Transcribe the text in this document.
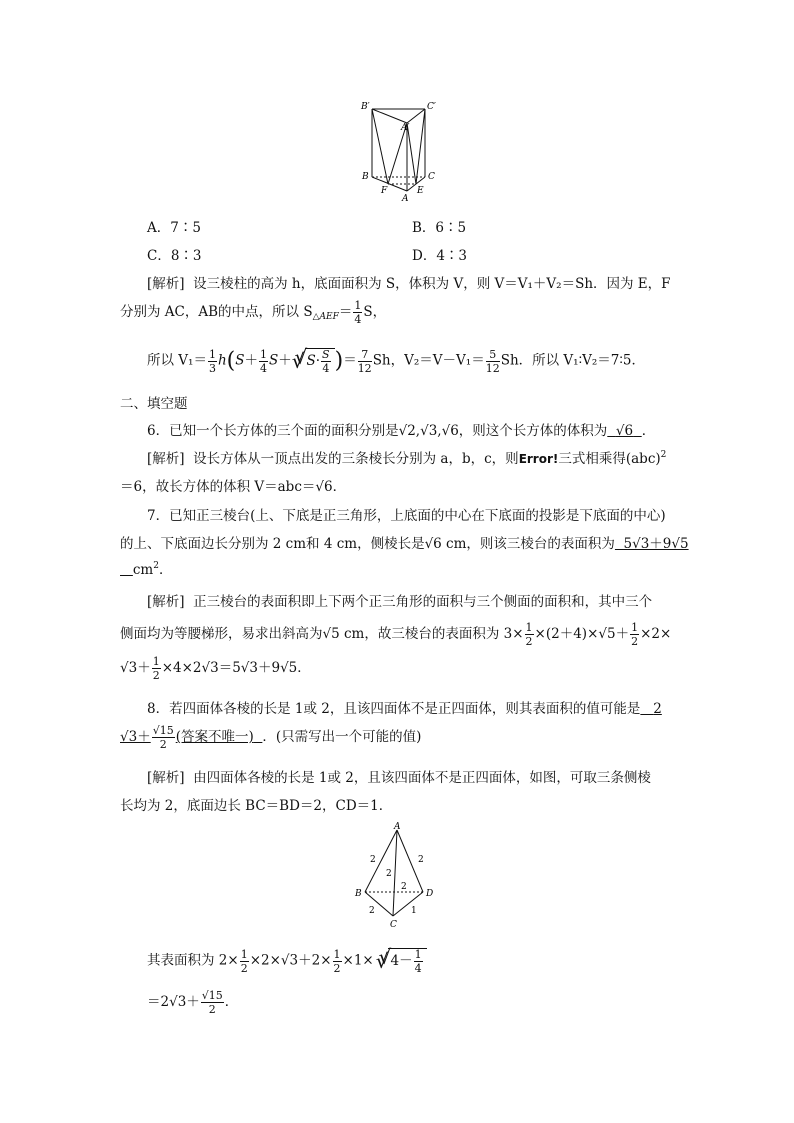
B′	C′
A′
B	C
A
E
F
A．7∶5	B．6∶5
C．8∶3	D．4∶3
[解析] 设三棱柱的高为 h，底面面积为 S，体积为 V，则 V＝V₁＋V₂＝Sh．因为 E，F
分别为 AC，AB的中点，所以 $S_{\triangle AEF}= \frac{1}{4}$ S，
所以 $V_1= \frac{1}{3} h(S+ \frac{1}{4} S+√√$ $S\cdot \frac{S}{4}$ )＝ $\frac{7}{12}$ Sh，$V_2=V-V_1= \frac{5}{12}$ Sh．所以 V₁∶V₂＝7∶5．
二、填空题
6．已知一个长方体的三个面的面积分别是√2,√3,√6，则这个长方体的体积为 √6 ．
[解析] 设长方体从一顶点出发的三条棱长分别为 a，b，c，则Error!三式相乘得(abc)$^2$
＝6，故长方体的体积 V＝abc＝√6．
7．已知正三棱台(上、下底是正三角形，上底面的中心在下底面的投影是下底面的中心)
的上、下底面边长分别为 2 cm和 4 cm，侧棱长是√6 cm，则该三棱台的表面积为 5√3＋9√5
$cm^2$．
[解析] 正三棱台的表面积即上下两个正三角形的面积与三个侧面的面积和，其中三个
侧面均为等腰梯形，易求出斜高为√5 cm，故三棱台的表面积为 $3\times \frac{1}{2} \times(2+4)\times√5+ \frac{1}{2} \times 2\times$
$√3+ \frac{1}{2} \times 4\times 2√3=5√3+9√5$．
8．若四面体各棱的长是 1或 2，且该四面体不是正四面体，则其表面积的值可能是 2
$√3+ \frac{√15}{2}$ (答案不唯一) ．(只需写出一个可能的值)
[解析] 由四面体各棱的长是 1或 2，且该四面体不是正四面体，如图，可取三条侧棱
长均为 2，底面边长 BC＝BD＝2，CD＝1．
A
B
C
D
2	2
2
2
2	1
其表面积为 $2\times \frac{1}{2} \times 2\times√3+2\times \frac{1}{2} \times 1\times$ √√ $4- \frac{1}{4}$
$=2√3+ \frac{√15}{2}$ ．
